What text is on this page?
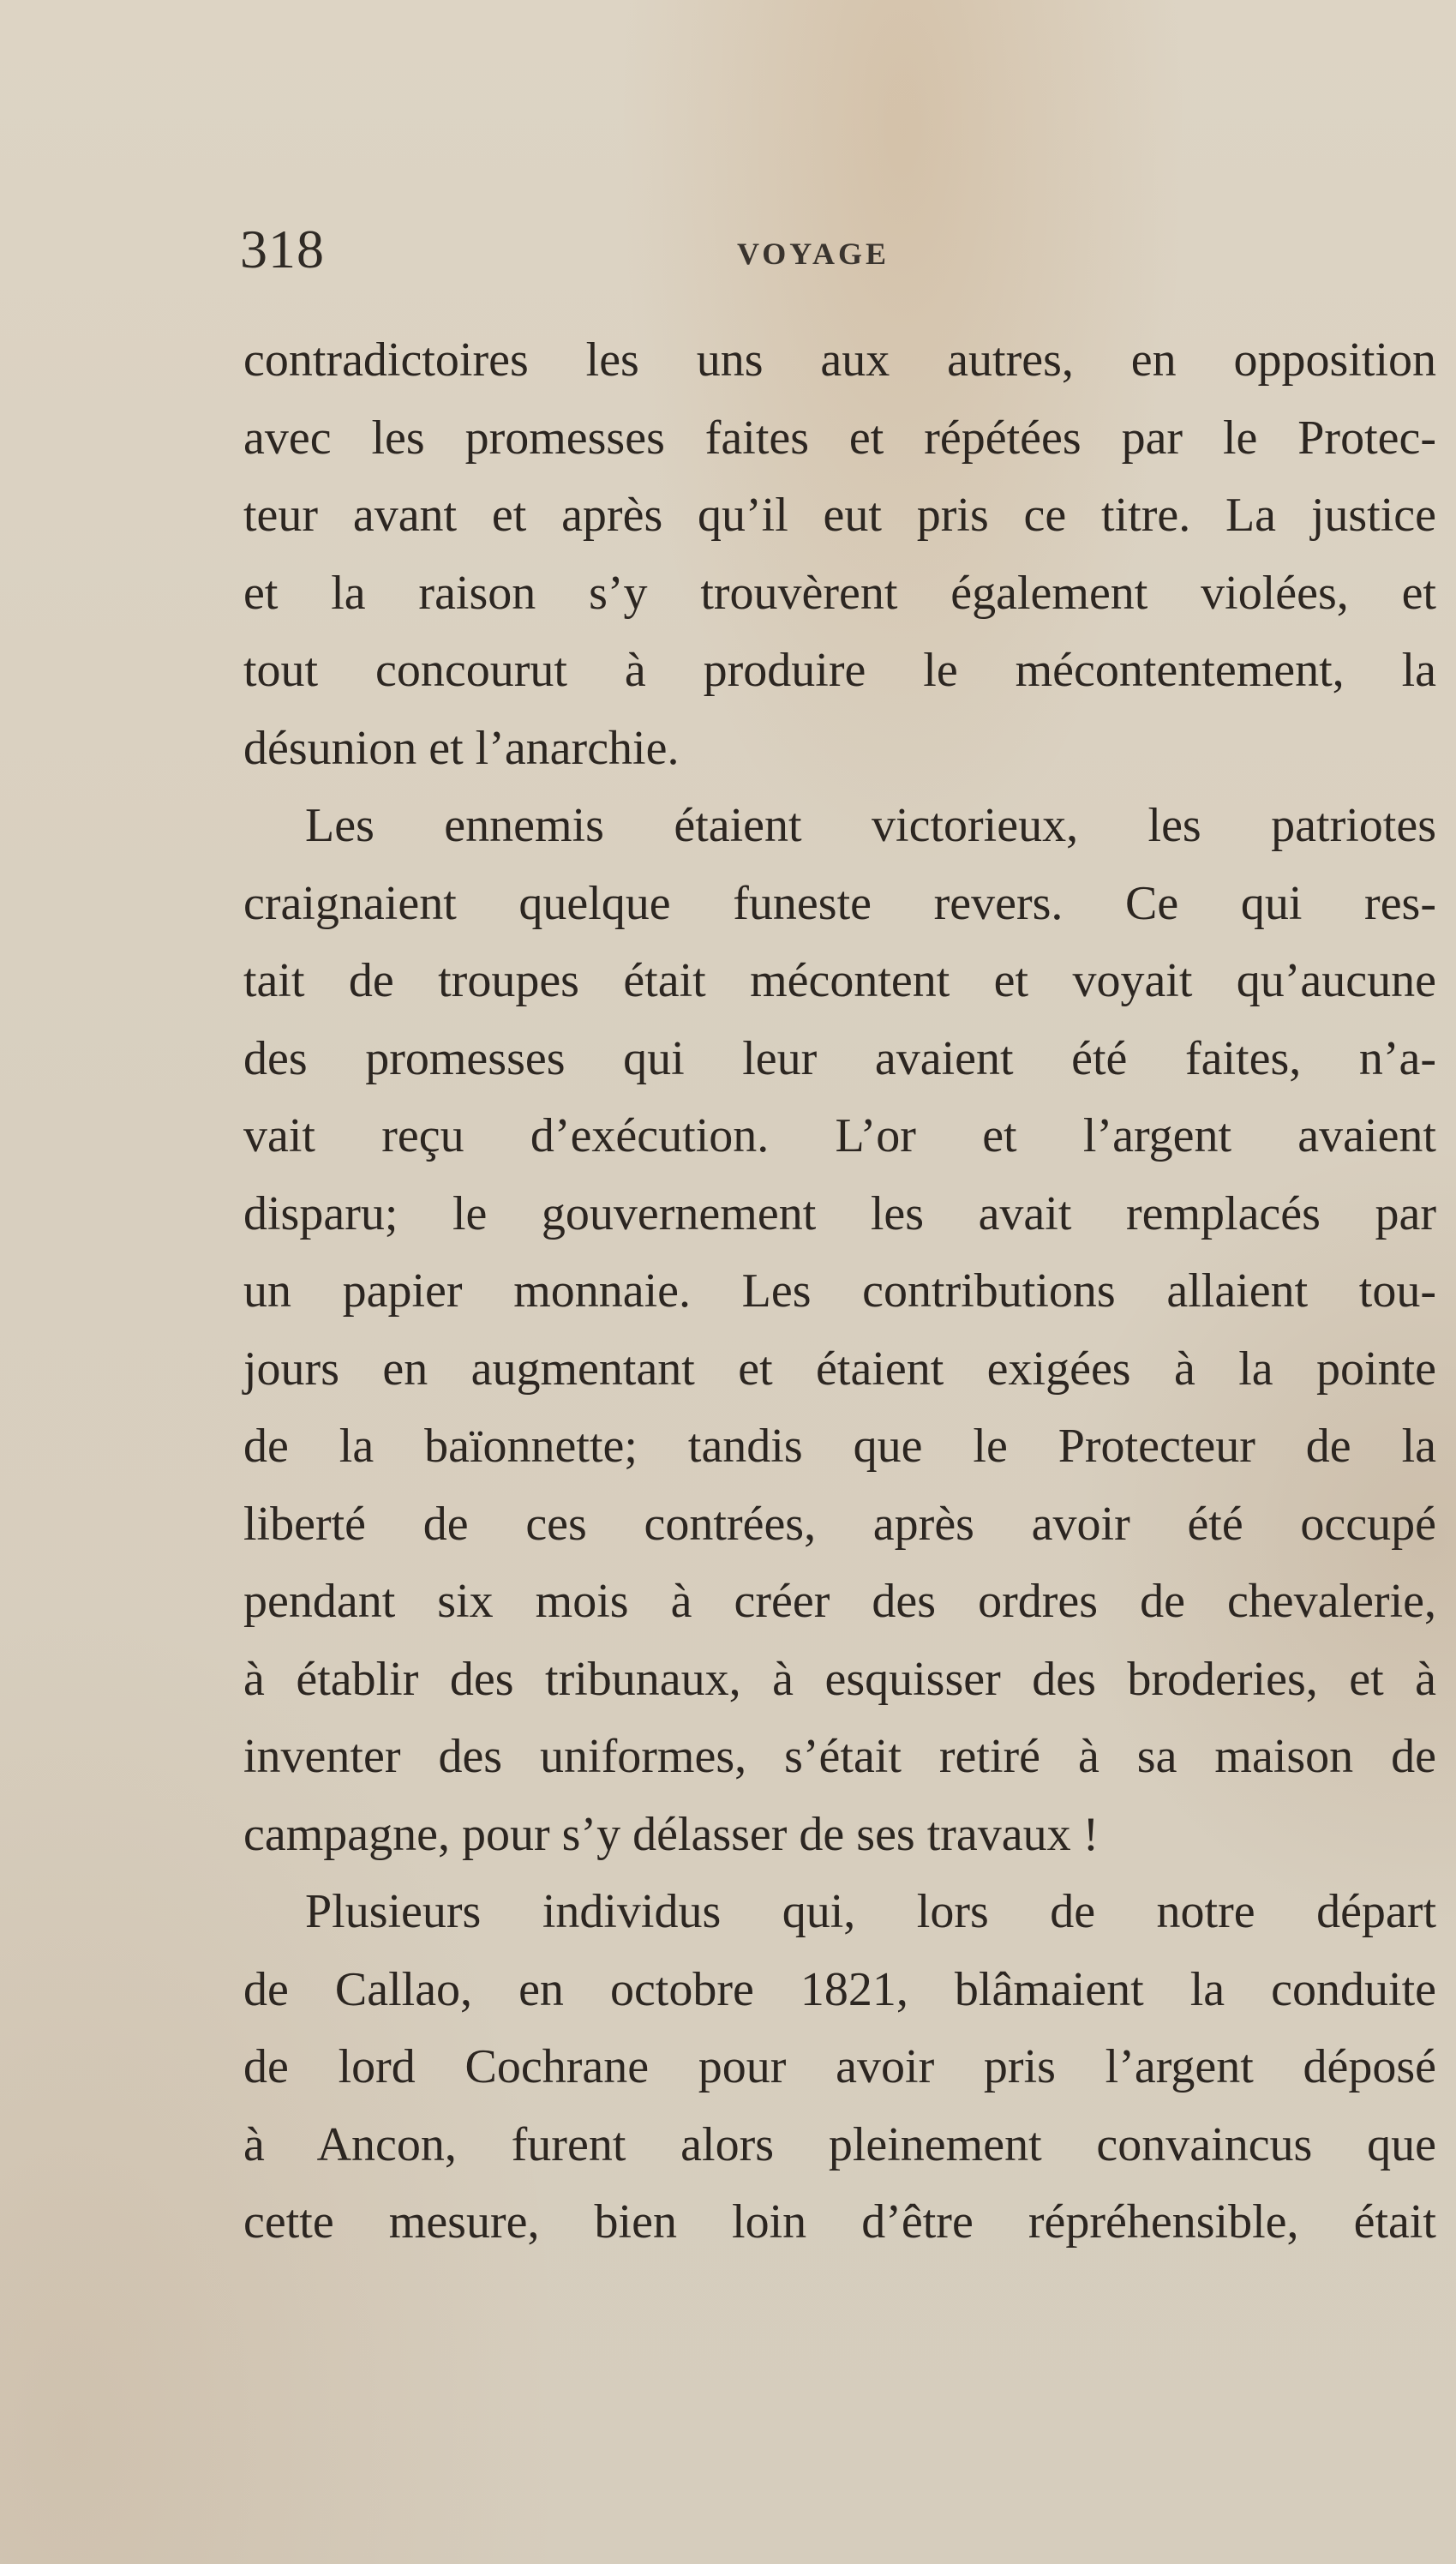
318	VOYAGE
contradictoires les uns aux autres, en opposition
avec les promesses faites et répétées par le Protec-
teur avant et après qu’il eut pris ce titre. La justice
et la raison s’y trouvèrent également violées, et
tout concourut à produire le mécontentement, la
désunion et l’anarchie.
Les ennemis étaient victorieux, les patriotes
craignaient quelque funeste revers. Ce qui res-
tait de troupes était mécontent et voyait qu’aucune
des promesses qui leur avaient été faites, n’a-
vait reçu d’exécution. L’or et l’argent avaient
disparu; le gouvernement les avait remplacés par
un papier monnaie. Les contributions allaient tou-
jours en augmentant et étaient exigées à la pointe
de la baïonnette; tandis que le Protecteur de la
liberté de ces contrées, après avoir été occupé
pendant six mois à créer des ordres de chevalerie,
à établir des tribunaux, à esquisser des broderies, et à
inventer des uniformes, s’était retiré à sa maison de
campagne, pour s’y délasser de ses travaux !
Plusieurs individus qui, lors de notre départ
de Callao, en octobre 1821, blâmaient la conduite
de lord Cochrane pour avoir pris l’argent déposé
à Ancon, furent alors pleinement convaincus que
cette mesure, bien loin d’être répréhensible, était
